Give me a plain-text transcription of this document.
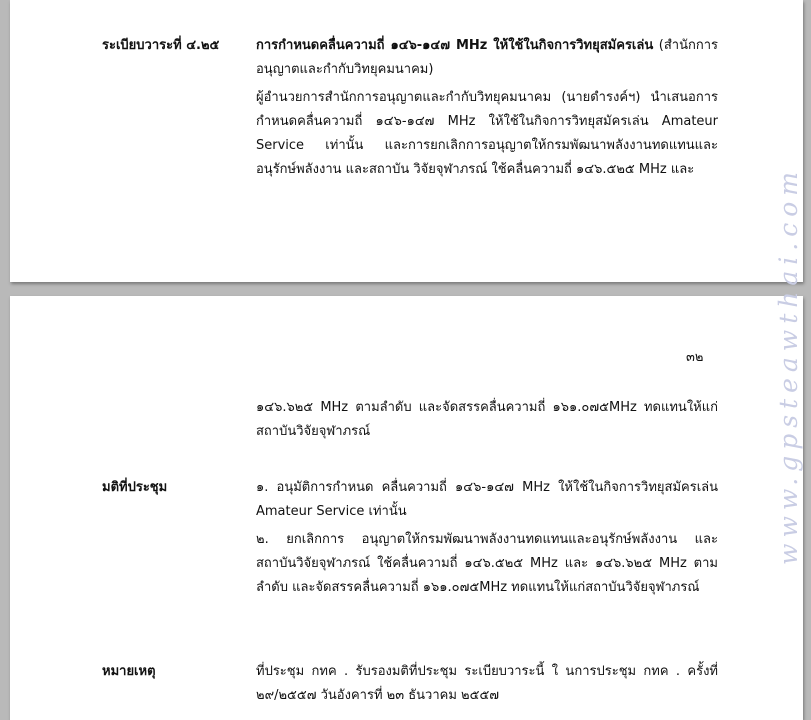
ระเบียบวาระที่ ๔.๒๕	การกำหนดคลื่นความถี่ ๑๔๖-๑๔๗ MHz ให้ใช้ในกิจการวิทยุสมัครเล่น (สำนักการอนุญาตและกำกับวิทยุคมนาคม)
ผู้อำนวยการสำนักการอนุญาตและกำกับวิทยุคมนาคม (นายดำรงค์ฯ) นำเสนอการกำหนดคลื่นความถี่ ๑๔๖-๑๔๗ MHz ให้ใช้ในกิจการวิทยุสมัครเล่น Amateur Service เท่านั้น และการยกเลิกการอนุญาตให้กรมพัฒนาพลังงานทดแทนและอนุรักษ์พลังงาน และสถาบัน วิจัยจุฬาภรณ์ ใช้คลื่นความถี่ ๑๔๖.๕๒๕ MHz และ
๓๒
๑๔๖.๖๒๕ MHz ตามลำดับ และจัดสรรคลื่นความถี่ ๑๖๑.๐๗๕MHz ทดแทนให้แก่สถาบันวิจัยจุฬาภรณ์
มติที่ประชุม	๑. อนุมัติการกำหนด คลื่นความถี่ ๑๔๖-๑๔๗ MHz ให้ใช้ในกิจการวิทยุสมัครเล่น Amateur Service เท่านั้น
๒. ยกเลิกการ อนุญาตให้กรมพัฒนาพลังงานทดแทนและอนุรักษ์พลังงาน และสถาบันวิจัยจุฬาภรณ์ ใช้คลื่นความถี่ ๑๔๖.๕๒๕ MHz และ ๑๔๖.๖๒๕ MHz ตามลำดับ และจัดสรรคลื่นความถี่ ๑๖๑.๐๗๕MHz ทดแทนให้แก่สถาบันวิจัยจุฬาภรณ์
หมายเหตุ	ที่ประชุม กทค . รับรองมติที่ประชุม ระเบียบวาระนี้ ใ นการประชุม กทค . ครั้งที่ ๒๙/๒๕๕๗ วันอังคารที่ ๒๓ ธันวาคม ๒๕๕๗
www.gpsteawthai.com
